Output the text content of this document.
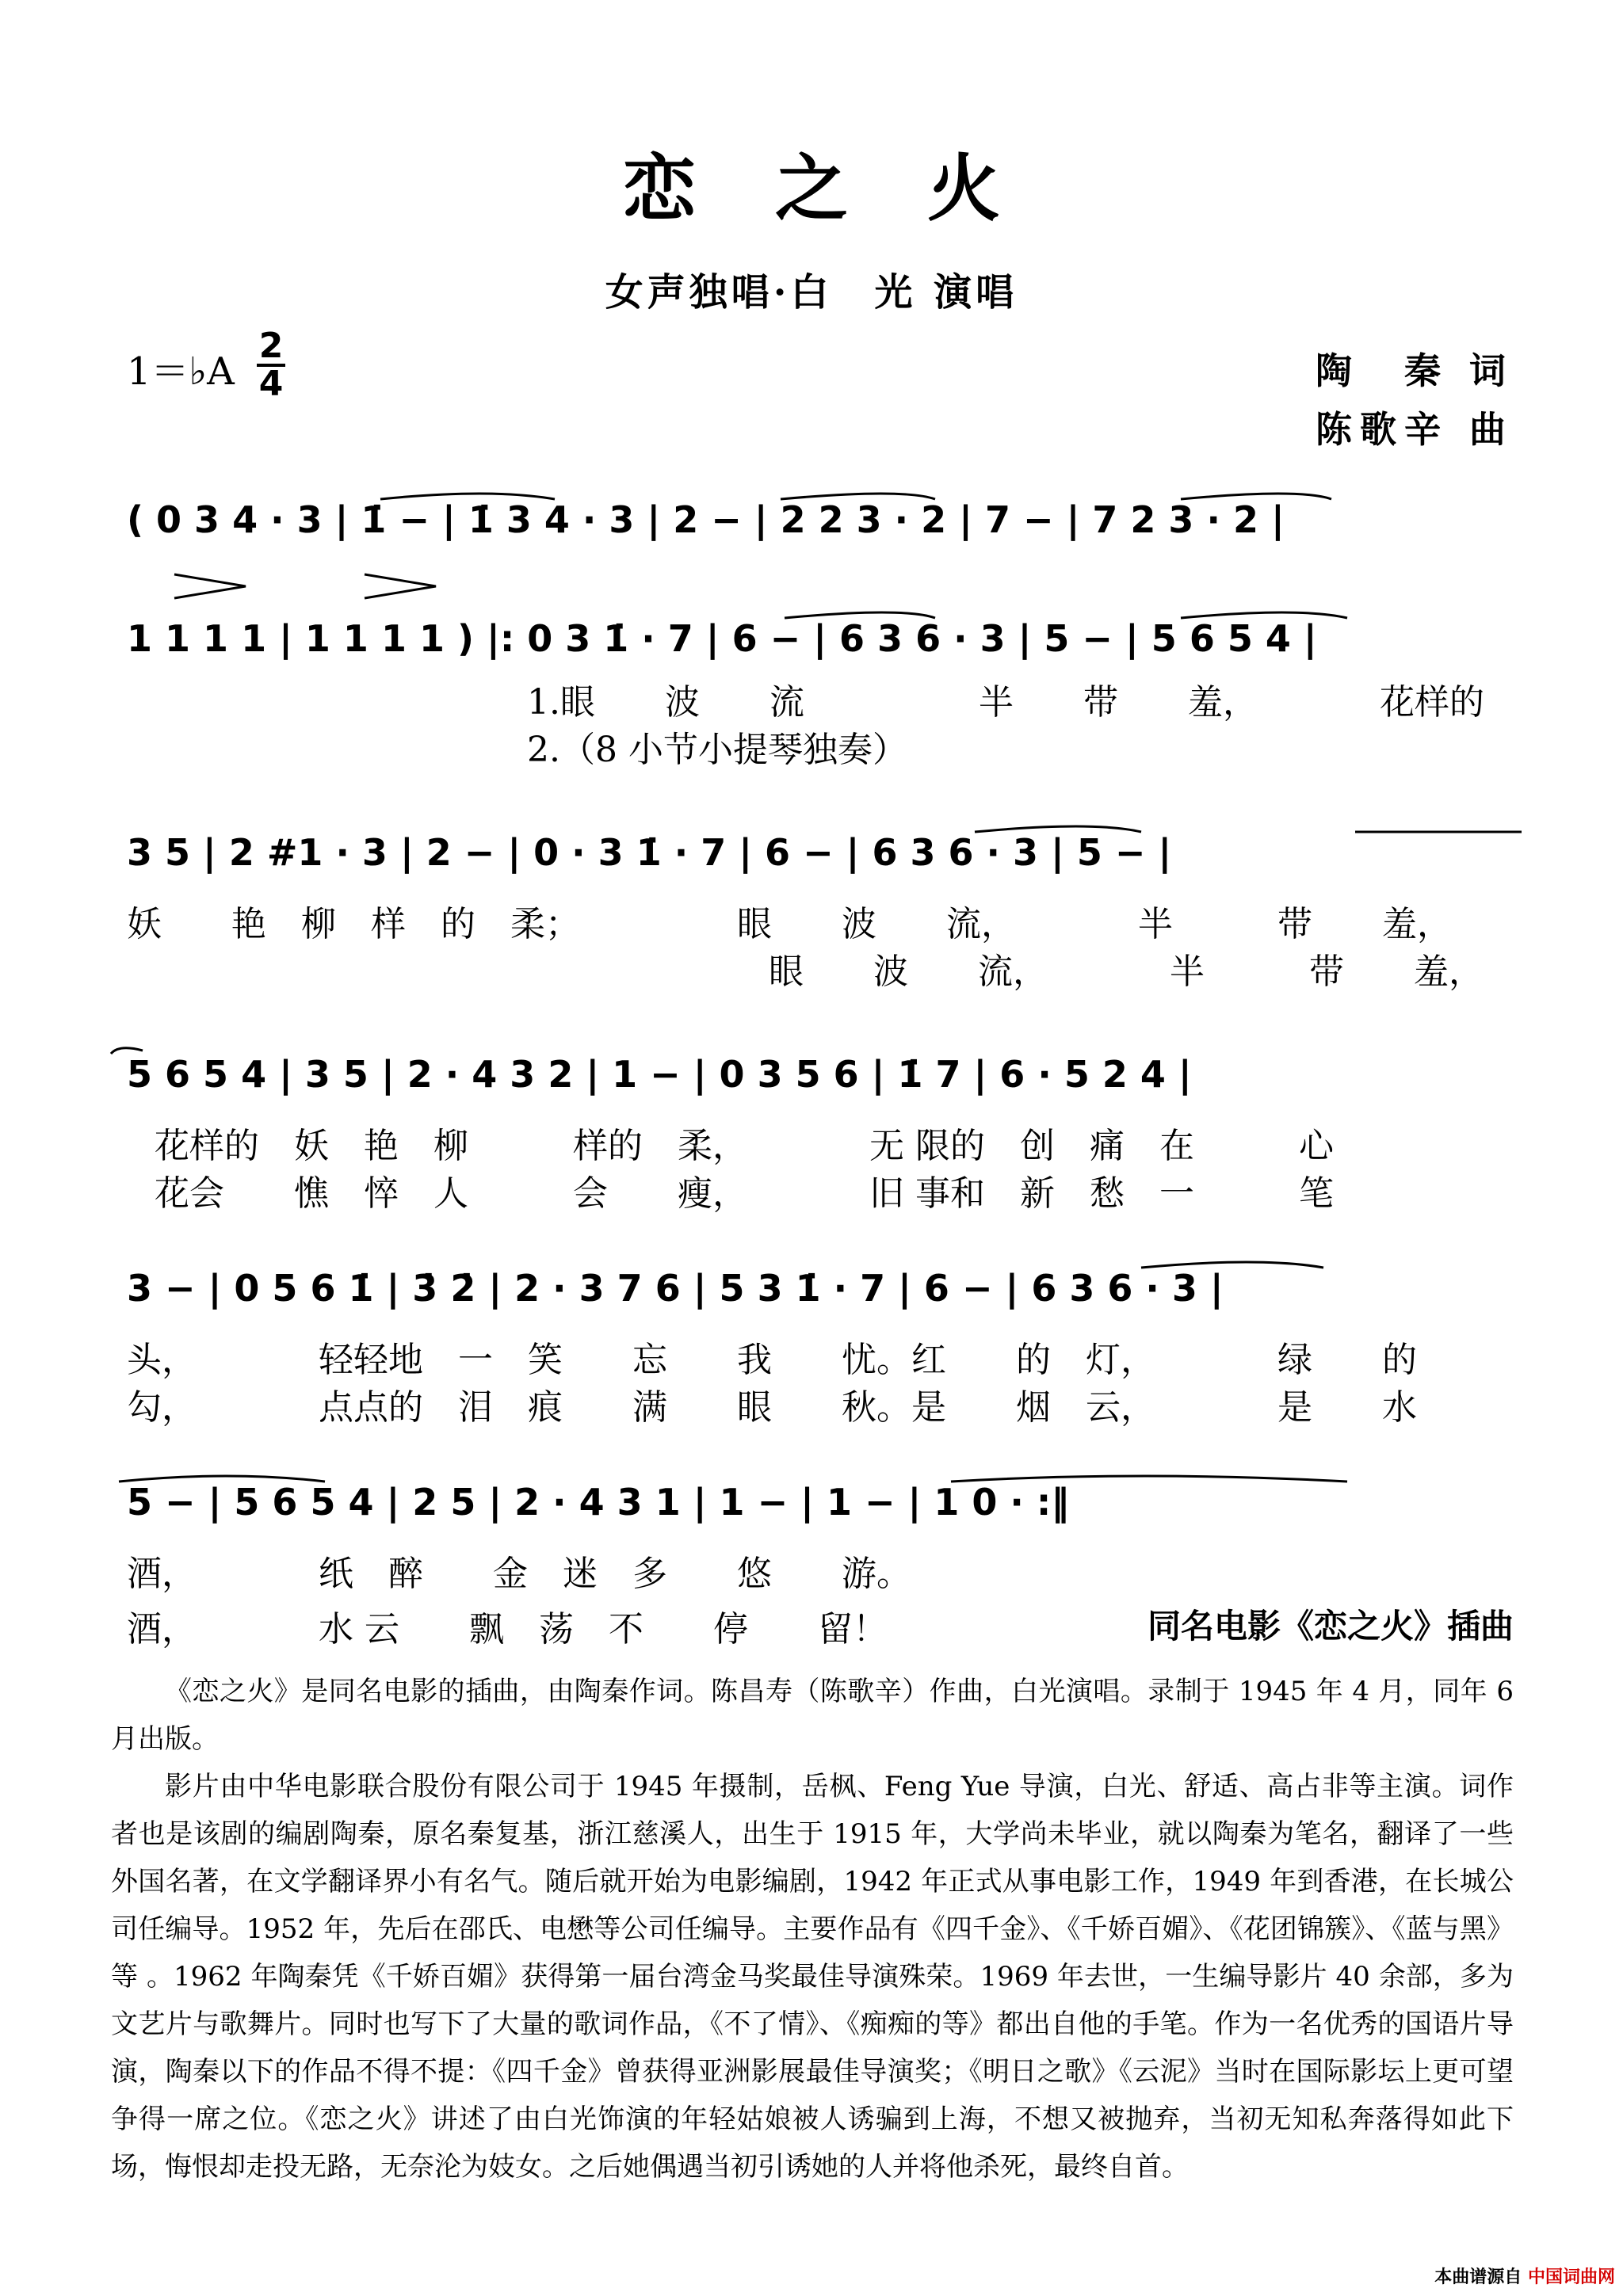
恋之火
女声独唱·白　光 演唱
1＝♭A
2
4	陶　秦 词
陈歌辛 曲
( 0 3 4 · 3 | 1̇ − | 1̇ 3 4 · 3 | 2 − | 2 2 3 · 2 | 7 − | 7 2 3 · 2 |
1 1 1 1 | 1 1 1 1 ) |: 0 3 1̇ · 7 | 6 − | 6 3 6 · 3 | 5 − | 5 6 5 4 |
1.眼　　波　　流　　　　　半　　带　　羞，　　　　花样的
2.（8 小节小提琴独奏）
3 5 | 2 #1 · 3 | 2 − | 0 · 3 1̇ · 7 | 6 − | 6 3 6 · 3 | 5 − |
妖　　艳　柳　样　的　柔；　　　　　眼　　波　　流，　　　　半　　　带　　羞，
眼　　波　　流，　　　　半　　　带　　羞，
5 6 5 4 | 3 5 | 2 · 4 3 2 | 1 − | 0 3 5 6 | 1̇ 7 | 6 · 5 2 4 |
花样的　妖　艳　柳　　　样的　柔，　　　　无 限的　创　痛　在　　　心
花会　　憔　悴　人　　　会　　瘦，　　　　旧 事和　新　愁　一　　　笔
3 − | 0 5 6 1̇ | 3̇ 2̇ | 2 · 3 7 6 | 5 3 1̇ · 7 | 6 − | 6 3 6 · 3 |
头，　　　　轻轻地　一　笑　　忘　　我　　忧。红　　的　灯，　　　　绿　　的
勾，　　　　点点的　泪　痕　　满　　眼　　秋。是　　烟　云，　　　　是　　水
5 − | 5 6 5 4 | 2 5 | 2 · 4 3 1 | 1 − | 1 − | 1 0 · :‖
酒，　　　　纸　醉　　金　迷　多　　悠　　游。
酒，　　　　水 云　　飘　荡　不　　停　　留！	同名电影《恋之火》插曲

《恋之火》是同名电影的插曲，由陶秦作词。陈昌寿（陈歌辛）作曲，白光演唱。录制于 1945 年 4 月，同年 6 月出版。

影片由中华电影联合股份有限公司于 1945 年摄制，岳枫、Feng Yue 导演，白光、舒适、高占非等主演。词作者也是该剧的编剧陶秦，原名秦复基，浙江慈溪人，出生于 1915 年，大学尚未毕业，就以陶秦为笔名，翻译了一些外国名著，在文学翻译界小有名气。随后就开始为电影编剧，1942 年正式从事电影工作，1949 年到香港，在长城公司任编导。1952 年，先后在邵氏、电懋等公司任编导。主要作品有《四千金》、《千娇百媚》、《花团锦簇》、《蓝与黑》等 。1962 年陶秦凭《千娇百媚》获得第一届台湾金马奖最佳导演殊荣。1969 年去世，一生编导影片 40 余部，多为文艺片与歌舞片。同时也写下了大量的歌词作品，《不了情》、《痴痴的等》都出自他的手笔。作为一名优秀的国语片导演，陶秦以下的作品不得不提：《四千金》曾获得亚洲影展最佳导演奖；《明日之歌》《云泥》当时在国际影坛上更可望争得一席之位。《恋之火》讲述了由白光饰演的年轻姑娘被人诱骗到上海，不想又被抛弃，当初无知私奔落得如此下场，悔恨却走投无路，无奈沦为妓女。之后她偶遇当初引诱她的人并将他杀死，最终自首。

本曲谱源自 中国词曲网
